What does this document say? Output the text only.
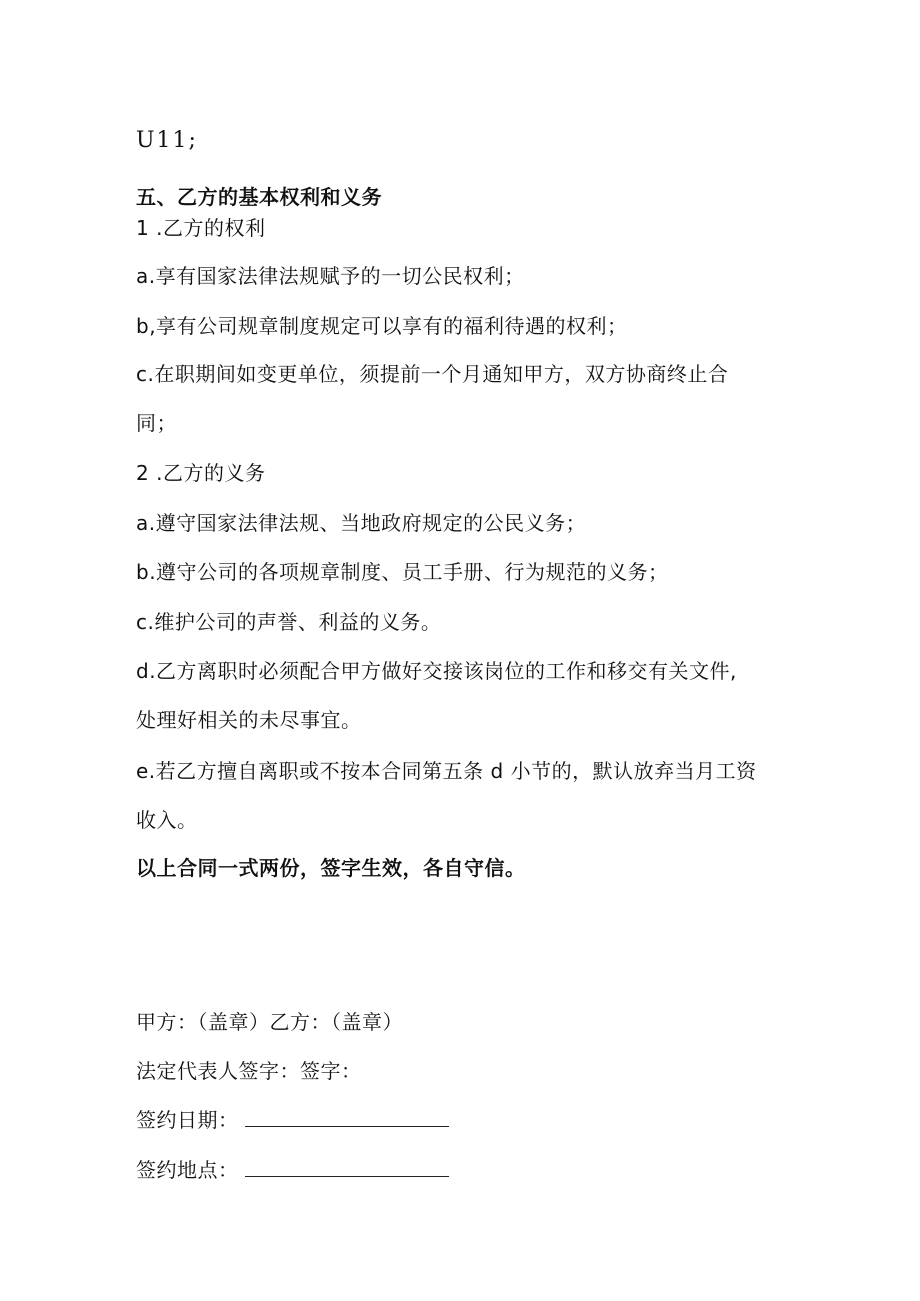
U11;
五、乙方的基本权利和义务
1 .乙方的权利
a.享有国家法律法规赋予的一切公民权利；
b,享有公司规章制度规定可以享有的福利待遇的权利；
c.在职期间如变更单位，须提前一个月通知甲方，双方协商终止合
同；
2 .乙方的义务
a.遵守国家法律法规、当地政府规定的公民义务；
b.遵守公司的各项规章制度、员工手册、行为规范的义务；
c.维护公司的声誉、利益的义务。
d.乙方离职时必须配合甲方做好交接该岗位的工作和移交有关文件,
处理好相关的未尽事宜。
e.若乙方擅自离职或不按本合同第五条 d 小节的，默认放弃当月工资
收入。
以上合同一式两份，签字生效，各自守信。
甲方：（盖章）乙方：（盖章）
法定代表人签字：签字：
签约日期：
签约地点：
